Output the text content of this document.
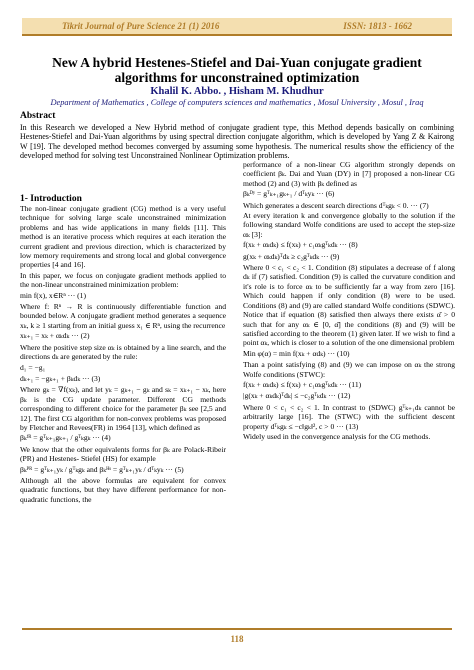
Tikrit Journal of Pure Science 21 (1) 2016	ISSN: 1813 - 1662
New A hybrid Hestenes-Stiefel and Dai-Yuan conjugate gradient algorithms for unconstrained optimization
Khalil K. Abbo. , Hisham M. Khudhur
Department of Mathematics , College of computers sciences and mathematics , Mosul University , Mosul , Iraq
Abstract

In this Research we developed a New Hybrid method of conjugate gradient type, this Method depends basically on combining Hestenes-Stiefel and Dai-Yuan algorithms by using spectral direction conjugate algorithm, which is developed by Yang Z & Kairong W [19]. The developed method becomes converged by assuming some hypothesis. The numerical results show the efficiency of the developed method for solving test Unconstrained Nonlinear Optimization problems.

1- Introduction

The non-linear conjugate gradient (CG) method is a very useful technique for solving large scale unconstrained minimization problems and has wide applications in many fields [11]. This method is an iterative process which requires at each iteration the current gradient and previous direction, which is characterized by low memory requirements and strong local and global convergence properties [4 and 16].

In this paper, we focus on conjugate gradient methods applied to the non-linear unconstrained minimization problem:

min f(x), x∈Rⁿ ··· (1)

Where f: Rⁿ → R is continuously differentiable function and bounded below. A conjugate gradient method generates a sequence xₖ, k ≥ 1 starting from an initial guess x₁ ∈ Rⁿ, using the recurrence

xₖ₊₁ = xₖ + αₖdₖ ··· (2)

Where the positive step size αₖ is obtained by a line search, and the directions dₖ are generated by the rule:

d₁ = −g₁
dₖ₊₁ = −gₖ₊₁ + βₖdₖ ··· (3)

Where gₖ = ∇f(xₖ), and let yₖ = gₖ₊₁ − gₖ and sₖ = xₖ₊₁ − xₖ, here βₖ is the CG update parameter. Different CG methods corresponding to different choice for the parameter βₖ see [2,5 and 12]. The first CG algorithm for non-convex problems was proposed by Fletcher and Revees(FR) in 1964 [13], which defined as

βₖᶠᴿ = gᵀₖ₊₁gₖ₊₁ / gᵀₖgₖ ··· (4)

We know that the other equivalents forms for βₖ are Polack-Ribeir (PR) and Hestenes- Stiefel (HS) for example

βₖᴾᴿ = gᵀₖ₊₁yₖ / gᵀₖgₖ and βₖᴴˢ = gᵀₖ₊₁yₖ / dᵀₖyₖ ··· (5)

Although all the above formulas are equivalent for convex quadratic functions, but they have different performance for non-quadratic functions, the

performance of a non-linear CG algorithm strongly depends on coefficient βₖ. Dai and Yuan (DY) in [7] proposed a non-linear CG method (2) and (3) with βₖ defined as

βₖᴰʸ = gᵀₖ₊₁gₖ₊₁ / dᵀₖyₖ ··· (6)

Which generates a descent search directions dᵀₖgₖ < 0. ··· (7)

At every iteration k and convergence globally to the solution if the following standard Wolfe conditions are used to accept the step-size αₖ [3]:

f(xₖ + αₖdₖ) ≤ f(xₖ) + c₁αₖgᵀₖdₖ ··· (8)
g(xₖ + αₖdₖ)ᵀdₖ ≥ c₂gᵀₖdₖ ··· (9)

Where 0 < c₁ < c₂ < 1. Condition (8) stipulates a decrease of f along dₖ if (7) satisfied. Condition (9) is called the curvature condition and it's role is to force αₖ to be sufficiently far a way from zero [16]. Which could happen if only condition (8) were to be used. Conditions (8) and (9) are called standard Wolfe conditions (SDWC). Notice that if equation (8) satisfied then always there exists α̂ > 0 such that for any αₖ ∈ [0, α̂] the conditions (8) and (9) will be satisfied according to the theorem (1) given later. If we wish to find a point αₖ, which is closer to a solution of the one dimensional problem

Min φ(α) = min f(xₖ + αdₖ) ··· (10)

Than a point satisfying (8) and (9) we can impose on αₖ the strong Wolfe conditions (STWC):

f(xₖ + αₖdₖ) ≤ f(xₖ) + c₁αₖgᵀₖdₖ ··· (11)
|g(xₖ + αₖdₖ)ᵀdₖ| ≤ −c₂gᵀₖdₖ ··· (12)

Where 0 < c₁ < c₂ < 1. In contrast to (SDWC) gᵀₖ₊₁dₖ cannot be arbitrarily large [16]. The (STWC) with the sufficient descent property dᵀₖgₖ ≤ −c‖gₖ‖², c > 0 ··· (13)

Widely used in the convergence analysis for the CG methods.

118
